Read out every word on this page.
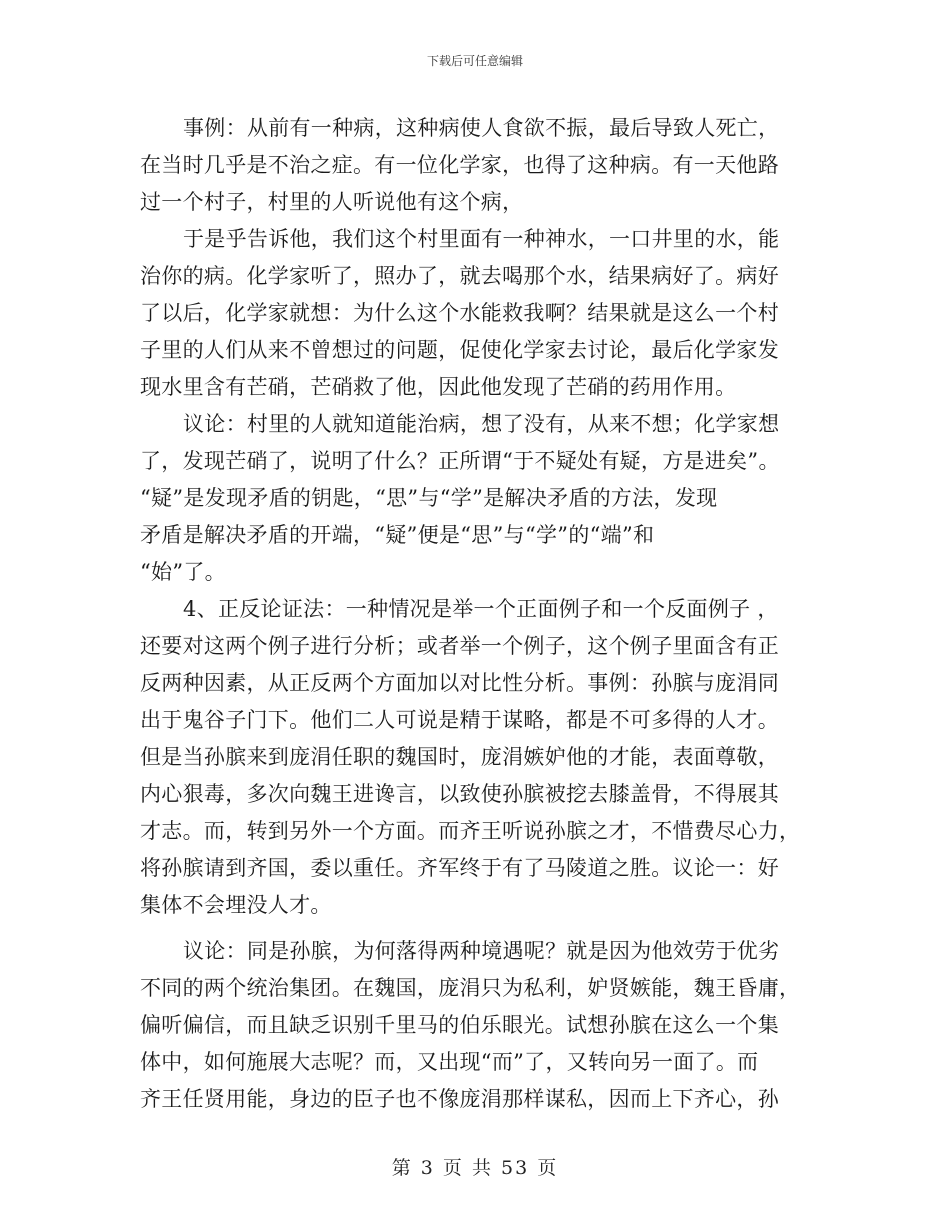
下载后可任意编辑

事例：从前有一种病，这种病使人食欲不振，最后导致人死亡，

在当时几乎是不治之症。有一位化学家，也得了这种病。有一天他路

过一个村子，村里的人听说他有这个病，

于是乎告诉他，我们这个村里面有一种神水，一口井里的水，能

治你的病。化学家听了，照办了，就去喝那个水，结果病好了。病好

了以后，化学家就想：为什么这个水能救我啊？结果就是这么一个村

子里的人们从来不曾想过的问题，促使化学家去讨论，最后化学家发

现水里含有芒硝，芒硝救了他，因此他发现了芒硝的药用作用。

议论：村里的人就知道能治病，想了没有，从来不想；化学家想

了，发现芒硝了，说明了什么？正所谓“于不疑处有疑，方是进矣”。

“疑”是发现矛盾的钥匙，“思”与“学”是解决矛盾的方法，发现

矛盾是解决矛盾的开端，“疑”便是“思”与“学”的“端”和

“始”了。

4、正反论证法：一种情况是举一个正面例子和一个反面例子 ，

还要对这两个例子进行分析；或者举一个例子，这个例子里面含有正

反两种因素，从正反两个方面加以对比性分析。事例：孙膑与庞涓同

出于鬼谷子门下。他们二人可说是精于谋略，都是不可多得的人才。

但是当孙膑来到庞涓任职的魏国时，庞涓嫉妒他的才能，表面尊敬，

内心狠毒，多次向魏王进谗言，以致使孙膑被挖去膝盖骨，不得展其

才志。而，转到另外一个方面。而齐王听说孙膑之才，不惜费尽心力，

将孙膑请到齐国，委以重任。齐军终于有了马陵道之胜。议论一：好

集体不会埋没人才。

议论：同是孙膑，为何落得两种境遇呢？就是因为他效劳于优劣

不同的两个统治集团。在魏国，庞涓只为私利，妒贤嫉能，魏王昏庸，

偏听偏信，而且缺乏识别千里马的伯乐眼光。试想孙膑在这么一个集

体中，如何施展大志呢？而，又出现“而”了，又转向另一面了。而

齐王任贤用能，身边的臣子也不像庞涓那样谋私，因而上下齐心，孙

第 3 页 共 53 页
